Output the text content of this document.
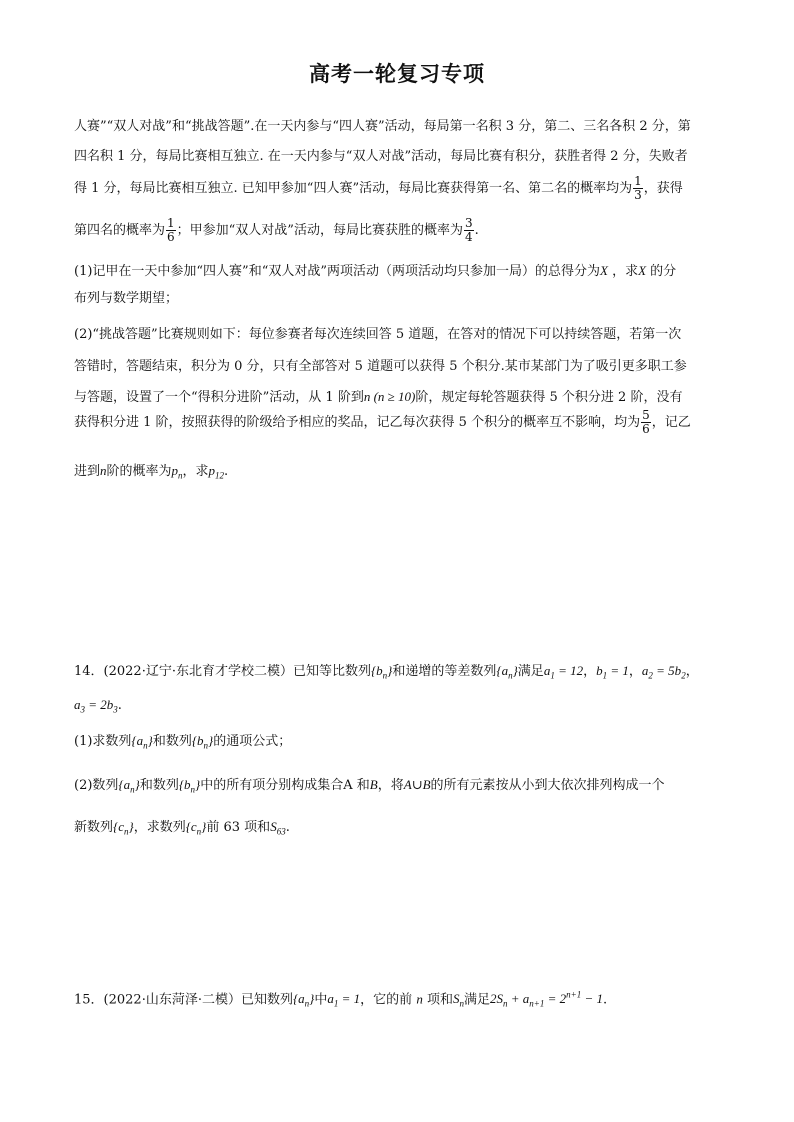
高考一轮复习专项
人赛”“双人对战”和“挑战答题”.在一天内参与“四人赛”活动，每局第一名积 3 分，第二、三名各积 2 分，第
四名积 1 分，每局比赛相互独立. 在一天内参与“双人对战”活动，每局比赛有积分，获胜者得 2 分，失败者
得 1 分，每局比赛相互独立. 已知甲参加“四人赛”活动，每局比赛获得第一名、第二名的概率均为 $\frac{1}{3}$ ，获得
第四名的概率为 $\frac{1}{6}$ ；甲参加“双人对战”活动，每局比赛获胜的概率为 $\frac{3}{4}$ .
(1)记甲在一天中参加“四人赛”和“双人对战”两项活动（两项活动均只参加一局）的总得分为X ，求X 的分
布列与数学期望；
(2)“挑战答题”比赛规则如下：每位参赛者每次连续回答 5 道题，在答对的情况下可以持续答题，若第一次
答错时，答题结束，积分为 0 分，只有全部答对 5 道题可以获得 5 个积分.某市某部门为了吸引更多职工参
与答题，设置了一个“得积分进阶”活动，从 1 阶到n (n ≥ 10)阶，规定每轮答题获得 5 个积分进 2 阶，没有
获得积分进 1 阶，按照获得的阶级给予相应的奖品，记乙每次获得 5 个积分的概率互不影响，均为 $\frac{5}{6}$ ，记乙
进到n阶的概率为$p_n$，求$p_{12}$.
14．(2022·辽宁·东北育才学校二模）已知等比数列$\{b_n\}$和递增的等差数列$\{a_n\}$满足$a_1 = 12$，$b_1 = 1$，$a_2 = 5b_2$，
$a_3 = 2b_3$.
(1)求数列$\{a_n\}$和数列$\{b_n\}$的通项公式；
(2)数列$\{a_n\}$和数列$\{b_n\}$中的所有项分别构成集合A 和B，将A∪B的所有元素按从小到大依次排列构成一个
新数列$\{c_n\}$，求数列$\{c_n\}$前 63 项和$S_{63}$.
15．(2022·山东菏泽·二模）已知数列$\{a_n\}$中$a_1 = 1$，它的前 n 项和$S_n$满足$2S_n + a_{n+1} = 2^{n+1} - 1$.
